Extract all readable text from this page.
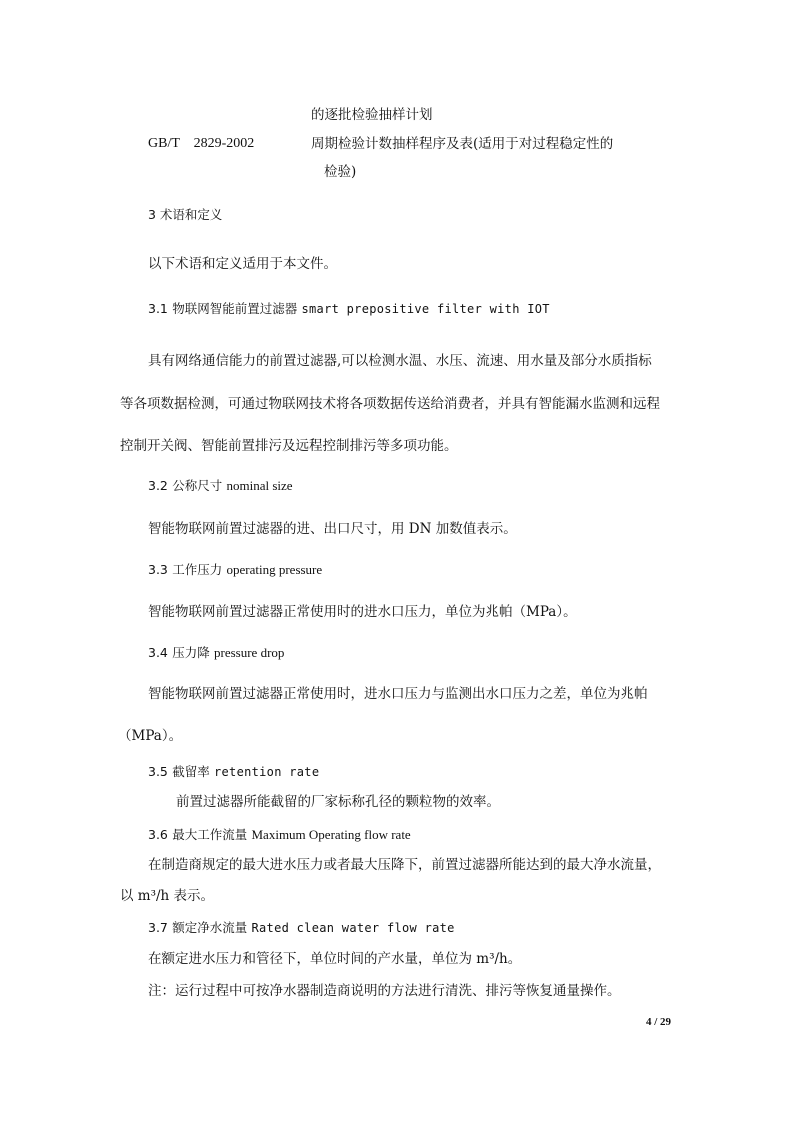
的逐批检验抽样计划
GB/T　2829-2002	周期检验计数抽样程序及表(适用于对过程稳定性的
检验)
3 术语和定义
以下术语和定义适用于本文件。
3.1 物联网智能前置过滤器 smart prepositive filter with IOT
具有网络通信能力的前置过滤器,可以检测水温、水压、流速、用水量及部分水质指标
等各项数据检测，可通过物联网技术将各项数据传送给消费者，并具有智能漏水监测和远程
控制开关阀、智能前置排污及远程控制排污等多项功能。
3.2 公称尺寸 nominal size
智能物联网前置过滤器的进、出口尺寸，用 DN 加数值表示。
3.3 工作压力 operating pressure
智能物联网前置过滤器正常使用时的进水口压力，单位为兆帕（MPa）。
3.4 压力降 pressure drop
智能物联网前置过滤器正常使用时，进水口压力与监测出水口压力之差，单位为兆帕
（MPa）。
3.5 截留率 retention rate
前置过滤器所能截留的厂家标称孔径的颗粒物的效率。
3.6 最大工作流量 Maximum Operating flow rate
在制造商规定的最大进水压力或者最大压降下，前置过滤器所能达到的最大净水流量，
以 m³/h 表示。
3.7 额定净水流量 Rated clean water flow rate
在额定进水压力和管径下，单位时间的产水量，单位为 m³/h。
注：运行过程中可按净水器制造商说明的方法进行清洗、排污等恢复通量操作。
4 / 29
